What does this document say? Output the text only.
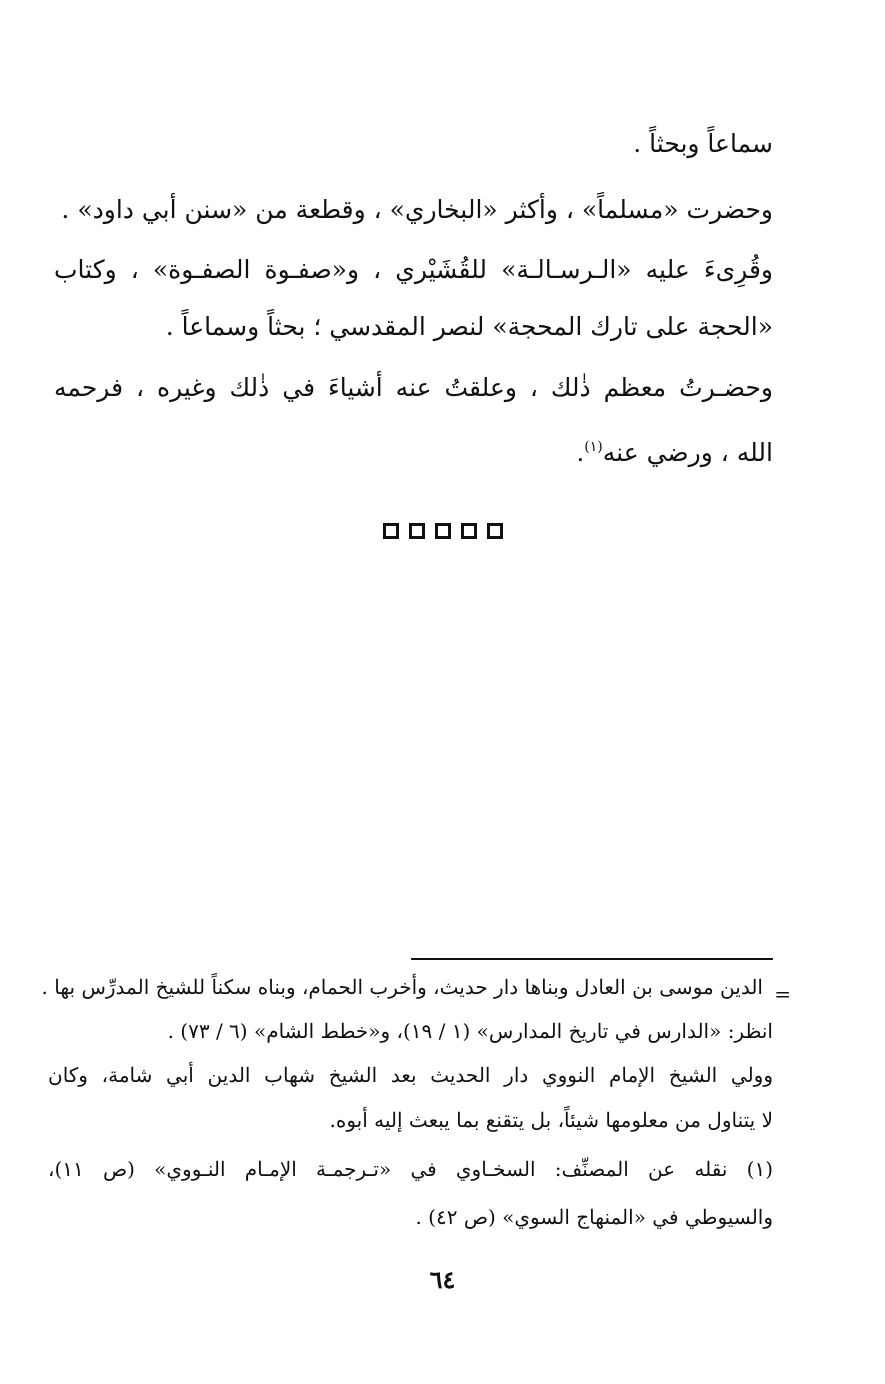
سماعاً وبحثاً .
وحضرت «مسلماً» ، وأكثر «البخاري» ، وقطعة من «سنن أبي داود» .
وقُرِىءَ عليه «الـرسـالـة» للقُشَيْري ، و«صفـوة الصفـوة» ، وكتاب
«الحجة على تارك المحجة» لنصر المقدسي ؛ بحثاً وسماعاً .
وحضـرتُ معظم ذٰلك ، وعلقتُ عنه أشياءَ في ذٰلك وغيره ، فرحمه
الله ، ورضي عنه$^{(١)}$.
=
الدين موسى بن العادل وبناها دار حديث، وأخرب الحمام، وبناه سكناً للشيخ المدرِّس بها .
انظر: «الدارس في تاريخ المدارس» (١ / ١٩)، و«خطط الشام» (٦ / ٧٣) .
وولي الشيخ الإمام النووي دار الحديث بعد الشيخ شهاب الدين أبي شامة، وكان
لا يتناول من معلومها شيئاً، بل يتقنع بما يبعث إليه أبوه.
(١) نقله عن المصنِّف: السخـاوي في «تـرجمـة الإمـام النـووي» (ص ١١)،
والسيوطي في «المنهاج السوي» (ص ٤٢) .
٦٤
